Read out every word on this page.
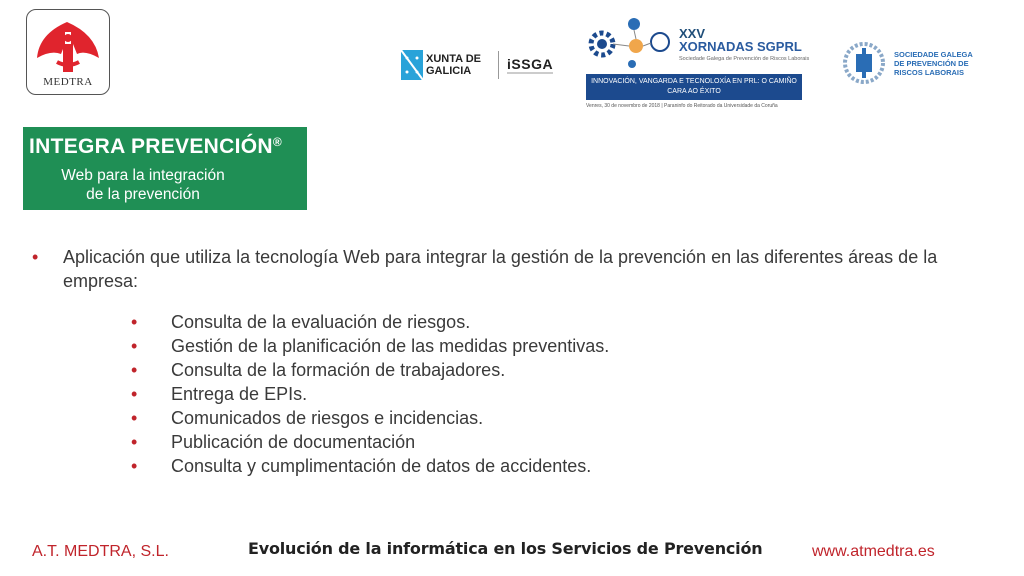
MEDTRA
XUNTA DE GALICIA	iSSGA
XXV
XORNADAS SGPRL
Sociedade Galega de Prevención de Riscos Laborais
INNOVACIÓN, VANGARDA E TECNOLOXÍA EN PRL: O CAMIÑO CARA AO ÉXITO
Venres, 30 de novembro de 2018 | Paraninfo do Reitorado da Universidade da Coruña
SOCIEDADE GALEGA DE PREVENCIÓN DE RISCOS LABORAIS
INTEGRA PREVENCIÓN®
Web para la integración
de la prevención
•	Aplicación que utiliza la tecnología Web para integrar la gestión de la prevención en las diferentes áreas de la empresa:
•	Consulta de la evaluación de riesgos.
•	Gestión de la planificación de las medidas preventivas.
•	Consulta de la formación de trabajadores.
•	Entrega de EPIs.
•	Comunicados de riesgos e incidencias.
•	Publicación de documentación
•	Consulta y cumplimentación de datos de accidentes.
A.T. MEDTRA, S.L.	Evolución de la informática en los Servicios de Prevención	www.atmedtra.es
